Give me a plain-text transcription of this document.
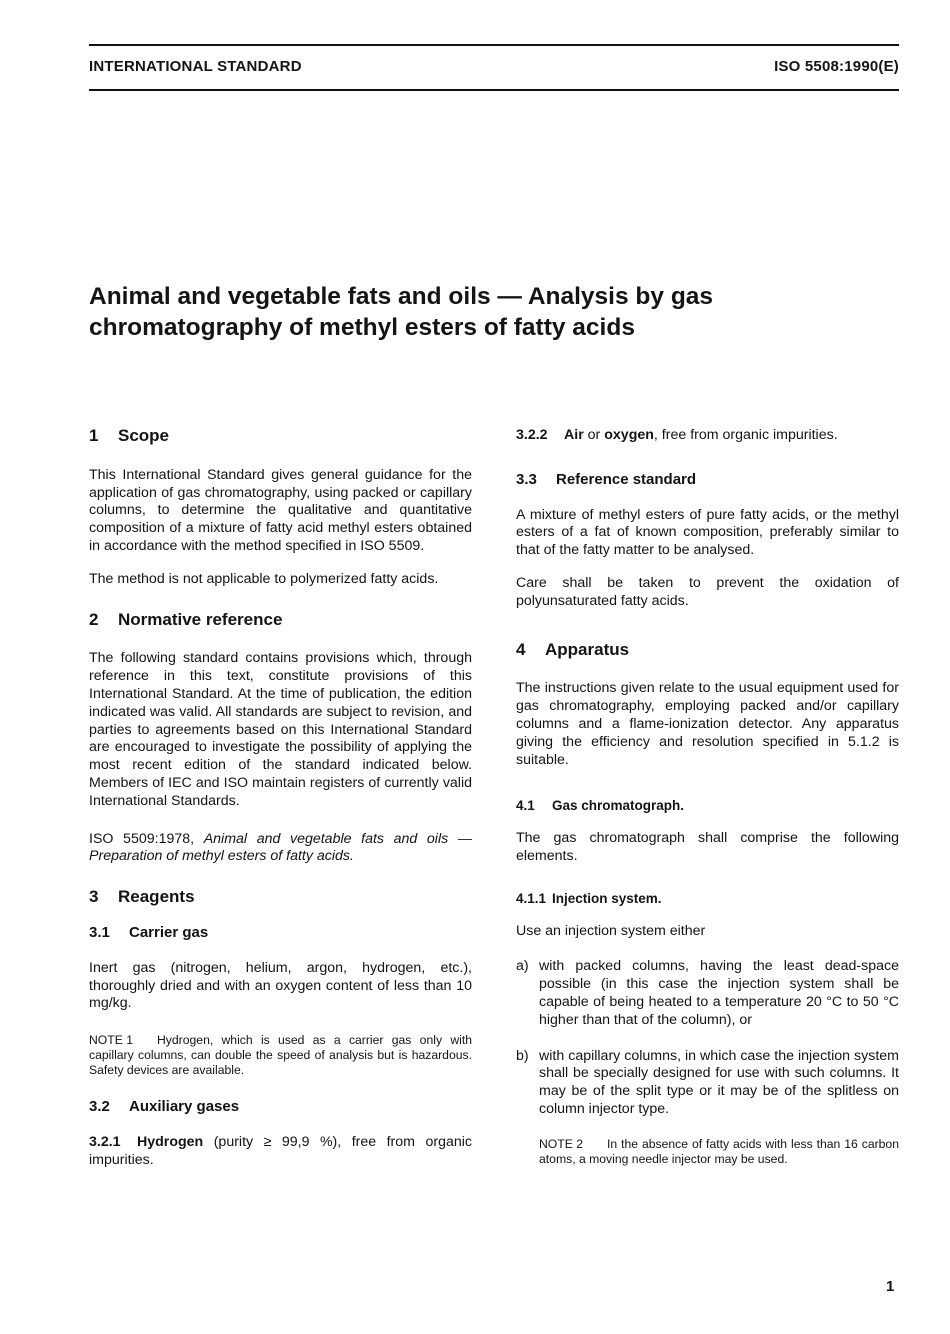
INTERNATIONAL STANDARD	ISO 5508:1990(E)
Animal and vegetable fats and oils — Analysis by gas
chromatography of methyl esters of fatty acids
1 Scope

This International Standard gives general guidance for the application of gas chromatography, using packed or capillary columns, to determine the qualitative and quantitative composition of a mixture of fatty acid methyl esters obtained in accordance with the method specified in ISO 5509.

The method is not applicable to polymerized fatty acids.

2 Normative reference

The following standard contains provisions which, through reference in this text, constitute provisions of this International Standard. At the time of publication, the edition indicated was valid. All standards are subject to revision, and parties to agreements based on this International Standard are encouraged to investigate the possibility of applying the most recent edition of the standard indicated below. Members of IEC and ISO maintain registers of currently valid International Standards.

ISO 5509:1978, Animal and vegetable fats and oils — Preparation of methyl esters of fatty acids.

3 Reagents
3.1 Carrier gas

Inert gas (nitrogen, helium, argon, hydrogen, etc.), thoroughly dried and with an oxygen content of less than 10 mg/kg.

NOTE 1 Hydrogen, which is used as a carrier gas only with capillary columns, can double the speed of analysis but is hazardous. Safety devices are available.

3.2 Auxiliary gases

3.2.1 Hydrogen (purity ≥ 99,9 %), free from organic impurities.

3.2.2 Air or oxygen, free from organic impurities.

3.3 Reference standard

A mixture of methyl esters of pure fatty acids, or the methyl esters of a fat of known composition, preferably similar to that of the fatty matter to be analysed.

Care shall be taken to prevent the oxidation of polyunsaturated fatty acids.

4 Apparatus

The instructions given relate to the usual equipment used for gas chromatography, employing packed and/or capillary columns and a flame-ionization detector. Any apparatus giving the efficiency and resolution specified in 5.1.2 is suitable.

4.1 Gas chromatograph.

The gas chromatograph shall comprise the following elements.

4.1.1 Injection system.

Use an injection system either

a) with packed columns, having the least dead-space possible (in this case the injection system shall be capable of being heated to a temperature 20 °C to 50 °C higher than that of the column), or
b) with capillary columns, in which case the injection system shall be specially designed for use with such columns. It may be of the split type or it may be of the splitless on column injector type.

NOTE 2 In the absence of fatty acids with less than 16 carbon atoms, a moving needle injector may be used.

1
